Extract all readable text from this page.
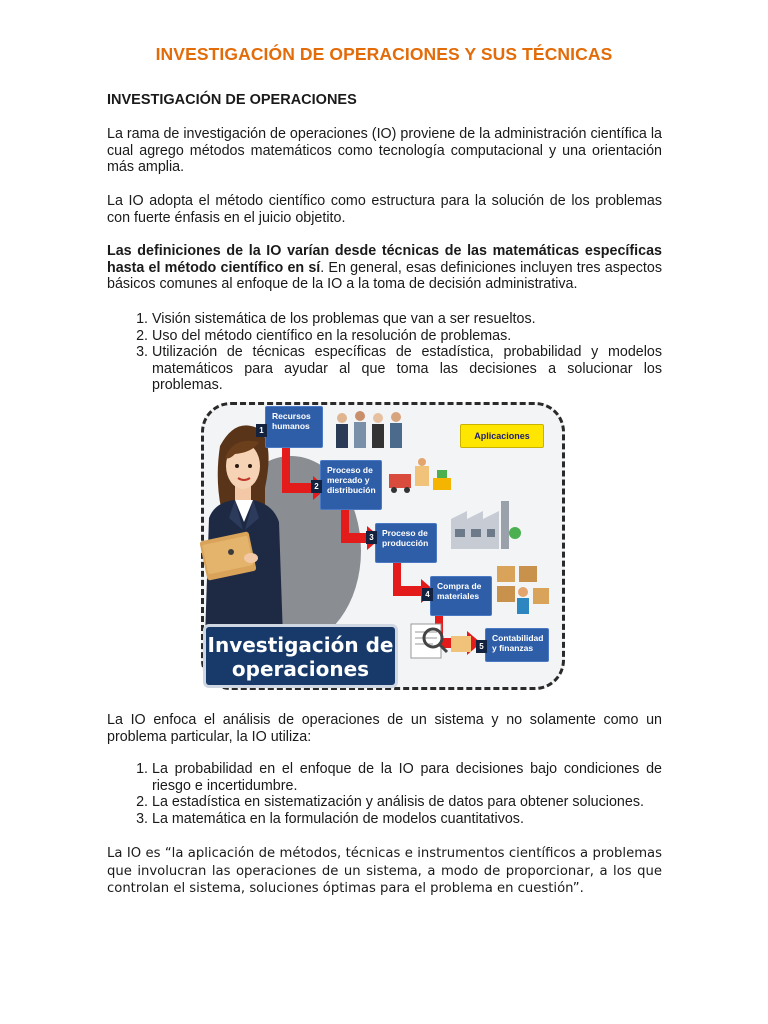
INVESTIGACIÓN DE OPERACIONES Y SUS TÉCNICAS
INVESTIGACIÓN DE OPERACIONES
La rama de investigación de operaciones (IO) proviene de la administración científica la cual agrego métodos matemáticos como tecnología computacional y una orientación más amplia.
La IO adopta el método científico como estructura para la solución de los problemas con fuerte énfasis en el juicio objetito.
Las definiciones de la IO varían desde técnicas de las matemáticas específicas hasta el método científico en sí. En general, esas definiciones incluyen tres aspectos básicos comunes al enfoque de la IO a la toma de decisión administrativa.
1. Visión sistemática de los problemas que van a ser resueltos.
2. Uso del método científico en la resolución de problemas.
3. Utilización de técnicas específicas de estadística, probabilidad y modelos matemáticos para ayudar al que toma las decisiones a solucionar los problemas.
Recursos humanos
1
Proceso de mercado y distribución
2
Proceso de producción
3
Compra de materiales
4
Contabilidad y finanzas
5
Aplicaciones
Investigación de
operaciones
La IO enfoca el análisis de operaciones de un sistema y no solamente como un problema particular, la IO utiliza:
1. La probabilidad en el enfoque de la IO para decisiones bajo condiciones de riesgo e incertidumbre.
2. La estadística en sistematización y análisis de datos para obtener soluciones.
3. La matemática en la formulación de modelos cuantitativos.
La IO es “la aplicación de métodos, técnicas e instrumentos científicos a problemas que involucran las operaciones de un sistema, a modo de proporcionar, a los que controlan el sistema, soluciones óptimas para el problema en cuestión”.
